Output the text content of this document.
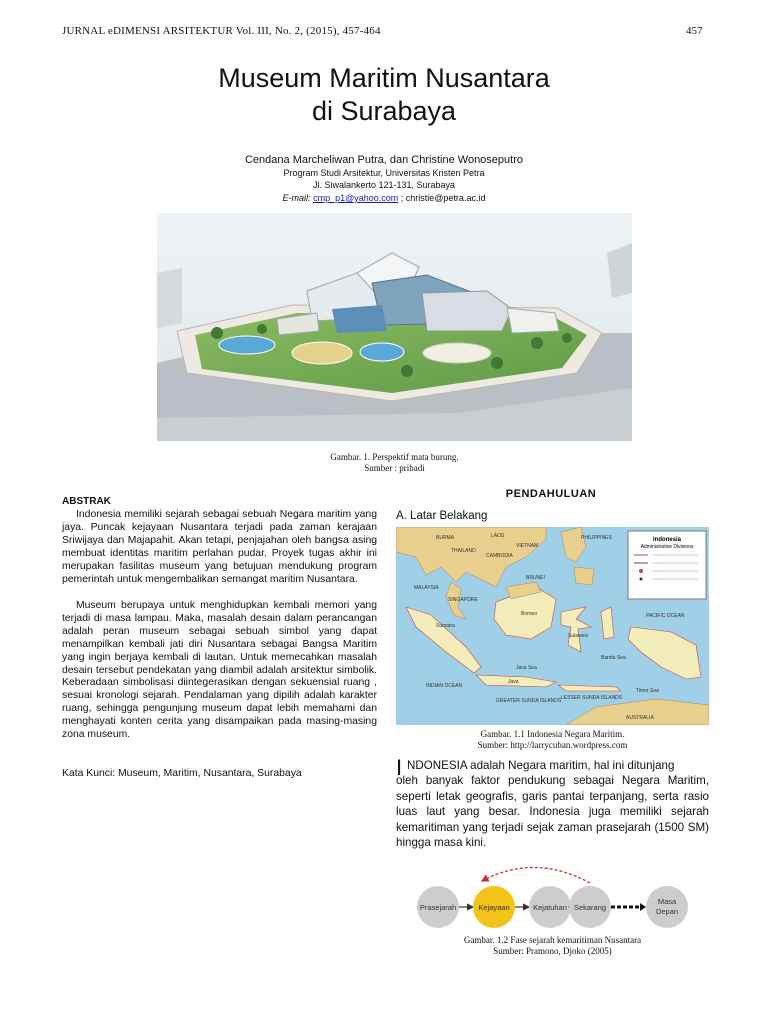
JURNAL eDIMENSI ARSITEKTUR Vol. III, No. 2, (2015), 457-464	457
Museum Maritim Nusantara
di Surabaya
Cendana Marcheliwan Putra, dan Christine Wonoseputro
Program Studi Arsitektur, Universitas Kristen Petra
Jl. Siwalankerto 121-131, Surabaya
E-mail: cmp_p1@yahoo.com ; christie@petra.ac.id
Gambar. 1. Perspektif mata burung.
Sumber : pribadi
ABSTRAK
Indonesia memiliki sejarah sebagai sebuah Negara maritim yang jaya. Puncak kejayaan Nusantara terjadi pada zaman kerajaan Sriwijaya dan Majapahit. Akan tetapi, penjajahan oleh bangsa asing membuat identitas maritim perlahan pudar. Proyek tugas akhir ini merupakan fasilitas museum yang betujuan mendukung program pemerintah untuk mengembalikan semangat maritim Nusantara.
Museum berupaya untuk menghidupkan kembali memori yang terjadi di masa lampau. Maka, masalah desain dalam perancangan adalah peran museum sebagai sebuah simbol yang dapat menampilkan kembali jati diri Nusantara sebagai Bangsa Maritim yang ingin berjaya kembali di lautan. Untuk memecahkan masalah desain tersebut pendekatan yang diambil adalah arsitektur simbolik. Keberadaan simbolisasi diintegerasikan dengan sekuensial ruang , sesuai kronologi sejarah. Pendalaman yang dipilih adalah karakter ruang, sehingga pengunjung museum dapat lebih memahami dan menghayati konten cerita yang disampaikan pada masing-masing zona museum.
Kata Kunci: Museum, Maritim, Nusantara, Surabaya
PENDAHULUAN
A. Latar Belakang
Indonesia
Administrative Divisions
BURMA
THAILAND
LAOS
CAMBODIA
VIETNAM
PHILIPPINES
MALAYSIA
SINGAPORE
BRUNEI
Borneo
Sumatra
Java
Sulawesi
INDIAN OCEAN
PACIFIC OCEAN
AUSTRALIA
GREATER SUNDA ISLANDS LESSER SUNDA ISLANDS
Timor Sea
Java Sea
Banda Sea
Gambar. 1.1 Indonesia Negara Maritim.
Sumber: http://larrycuban.wordpress.com
I NDONESIA adalah Negara maritim, hal ini ditunjang
oleh banyak faktor pendukung sebagai Negara Maritim, seperti letak geografis, garis pantai terpanjang, serta rasio luas laut yang besar. Indonesia juga memiliki sejarah kemaritiman yang terjadi sejak zaman prasejarah (1500 SM) hingga masa kini.
Prasejarah	Kejayaan	Kejatuhan Sekarang
Masa
Depan
Gambar. 1.2 Fase sejarah kemaritiman Nusantara
Sumber: Pramono, Djoko (2005)
